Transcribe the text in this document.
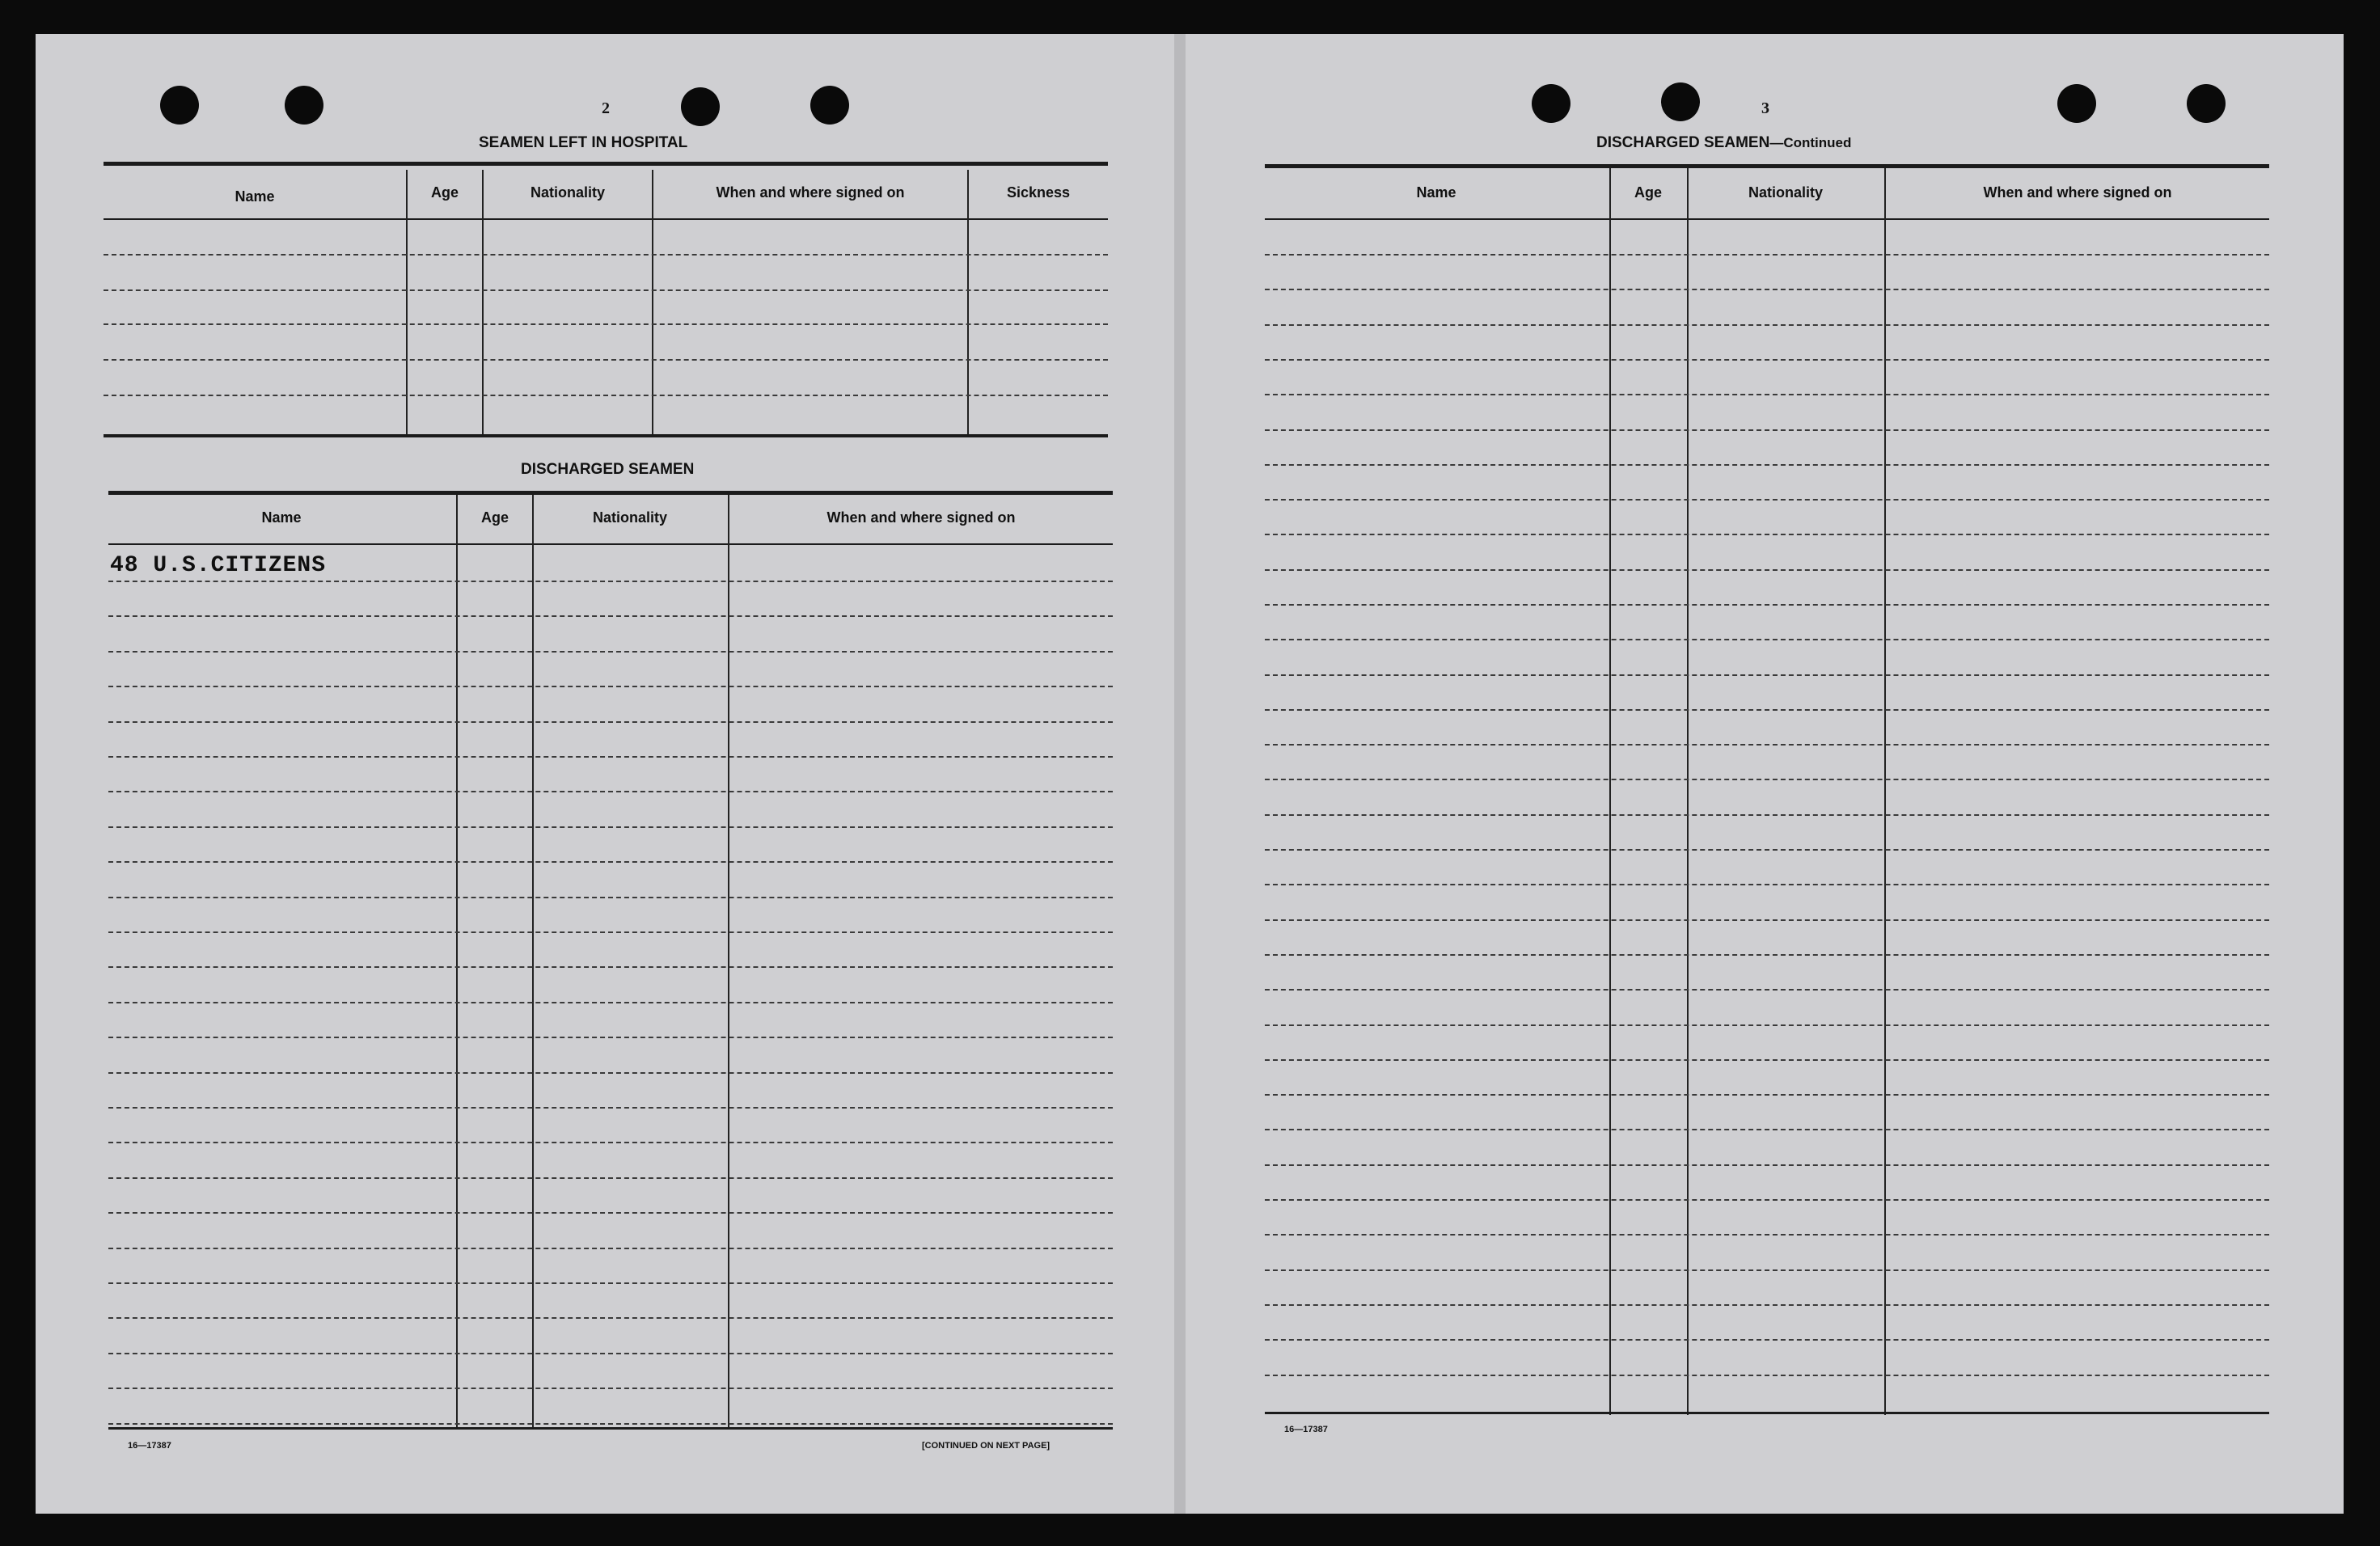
2
SEAMEN LEFT IN HOSPITAL
Name	Age	Nationality	When and where signed on	Sickness
DISCHARGED SEAMEN
Name	Age	Nationality	When and where signed on
48 U.S.CITIZENS
16—17387	[CONTINUED ON NEXT PAGE]
3
DISCHARGED SEAMEN—Continued
Name	Age	Nationality	When and where signed on
16—17387
